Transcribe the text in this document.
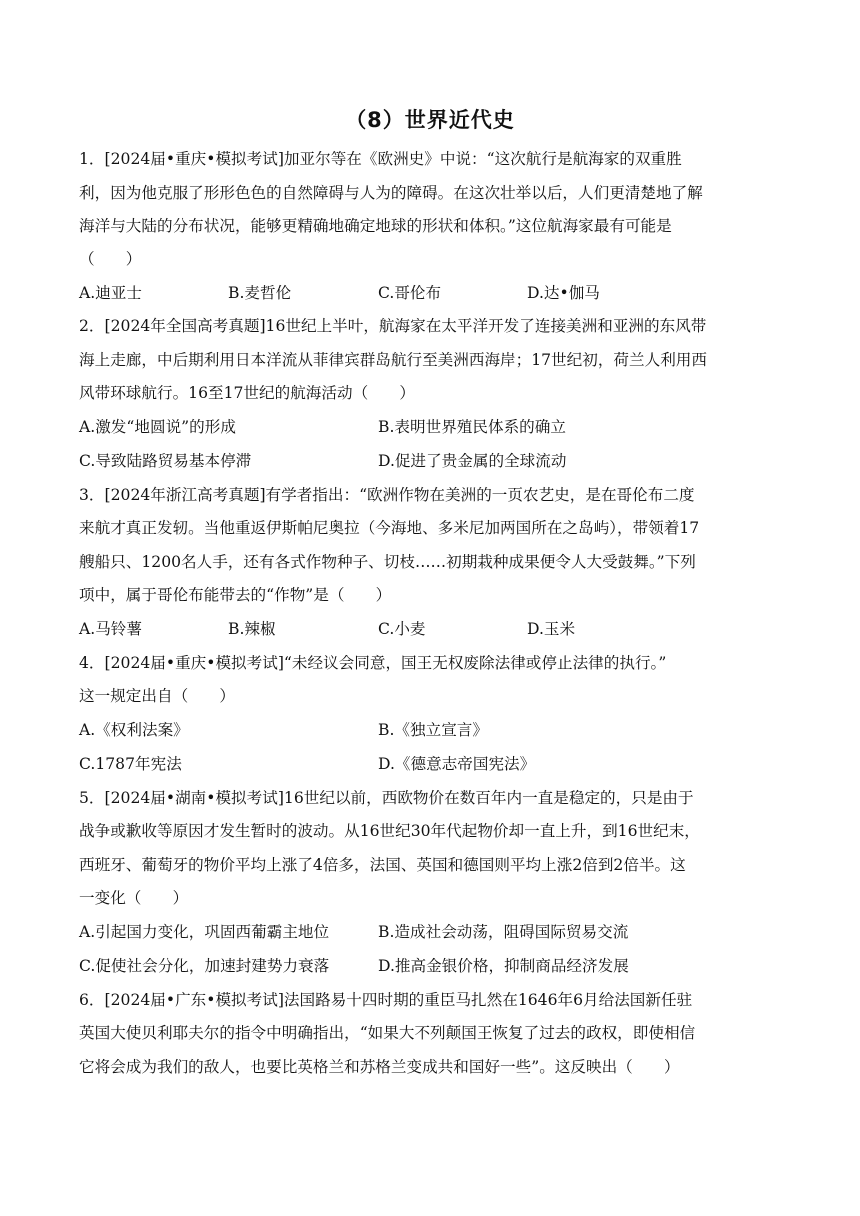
（8）世界近代史
1．[2024届•重庆•模拟考试]加亚尔等在《欧洲史》中说：“这次航行是航海家的双重胜
利，因为他克服了形形色色的自然障碍与人为的障碍。在这次壮举以后，人们更清楚地了解
海洋与大陆的分布状况，能够更精确地确定地球的形状和体积。”这位航海家最有可能是
（　　）
A.迪亚士	B.麦哲伦	C.哥伦布	D.达•伽马
2．[2024年全国高考真题]16世纪上半叶，航海家在太平洋开发了连接美洲和亚洲的东风带
海上走廊，中后期利用日本洋流从菲律宾群岛航行至美洲西海岸；17世纪初，荷兰人利用西
风带环球航行。16至17世纪的航海活动（　　）
A.激发“地圆说”的形成	B.表明世界殖民体系的确立
C.导致陆路贸易基本停滞	D.促进了贵金属的全球流动
3．[2024年浙江高考真题]有学者指出：“欧洲作物在美洲的一页农艺史，是在哥伦布二度
来航才真正发轫。当他重返伊斯帕尼奥拉（今海地、多米尼加两国所在之岛屿），带领着17
艘船只、1200名人手，还有各式作物种子、切枝……初期栽种成果便令人大受鼓舞。”下列
项中，属于哥伦布能带去的“作物”是（　　）
A.马铃薯	B.辣椒	C.小麦	D.玉米
4．[2024届•重庆•模拟考试]“未经议会同意，国王无权废除法律或停止法律的执行。”
这一规定出自（　　）
A.《权利法案》	B.《独立宣言》
C.1787年宪法	D.《德意志帝国宪法》
5．[2024届•湖南•模拟考试]16世纪以前，西欧物价在数百年内一直是稳定的，只是由于
战争或歉收等原因才发生暂时的波动。从16世纪30年代起物价却一直上升，到16世纪末，
西班牙、葡萄牙的物价平均上涨了4倍多，法国、英国和德国则平均上涨2倍到2倍半。这
一变化（　　）
A.引起国力变化，巩固西葡霸主地位	B.造成社会动荡，阻碍国际贸易交流
C.促使社会分化，加速封建势力衰落	D.推高金银价格，抑制商品经济发展
6．[2024届•广东•模拟考试]法国路易十四时期的重臣马扎然在1646年6月给法国新任驻
英国大使贝利耶夫尔的指令中明确指出，“如果大不列颠国王恢复了过去的政权，即使相信
它将会成为我们的敌人，也要比英格兰和苏格兰变成共和国好一些”。这反映出（　　）
